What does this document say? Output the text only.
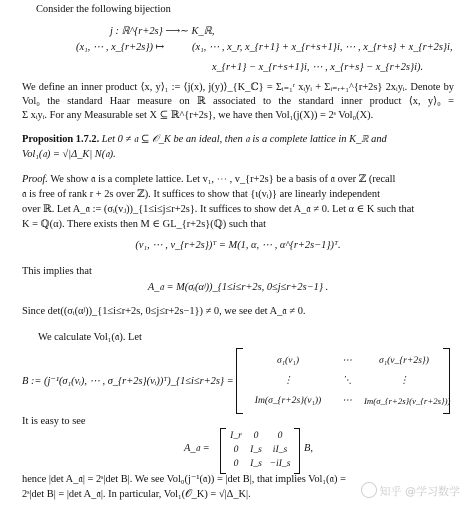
Consider the following bijection
j : ℝ^{r+2s} ⟶∼ K_ℝ,
(x₁, ⋯ , x_{r+2s}) ↦	(x₁, ⋯ , x_r, x_{r+1} + x_{r+s+1}i, ⋯ , x_{r+s} + x_{r+2s}i,
x_{r+1} − x_{r+s+1}i, ⋯ , x_{r+s} − x_{r+2s}i).
We define an inner product ⟨x, y⟩₁ := ⟨j(x), j(y)⟩_{K_ℂ} = Σᵢ₌₁ʳ xᵢyᵢ + Σᵢ₌ᵣ₊₁^{r+2s} 2xᵢyᵢ. Denote by
Vol₀ the standard Haar measure on ℝ associated to the standard inner product ⟨x, y⟩₀ =
Σ xᵢyᵢ. For any Measurable set X ⊆ ℝ^{r+2s}, we have then Vol₁(j(X)) = 2ˢ Vol₀(X).
Proposition 1.7.2. Let 0 ≠ 𝔞 ⊆ 𝒪_K be an ideal, then 𝔞 is a complete lattice in K_ℝ and
Vol₁(𝔞) = √|Δ_K| N(𝔞).
Proof. We show 𝔞 is a complete lattice. Let v₁, ⋯ , v_{r+2s} be a basis of 𝔞 over ℤ (recall
𝔞 is free of rank r + 2s over ℤ). It suffices to show that {ι(vᵢ)} are linearly independent
over ℝ. Let A_𝔞 := (σᵢ(vⱼ))_{1≤i≤j≤r+2s}. It suffices to show det A_𝔞 ≠ 0. Let α ∈ K such that
K = ℚ(α). There exists then M ∈ GL_{r+2s}(ℚ) such that
(v₁, ⋯ , v_{r+2s})ᵀ = M(1, α, ⋯ , α^{r+2s−1})ᵀ.
This implies that
A_𝔞 = M(σᵢ(αʲ))_{1≤i≤r+2s, 0≤j≤r+2s−1} .
Since det((σᵢ(αʲ))_{1≤i≤r+2s, 0≤j≤r+2s−1}) ≠ 0, we see det A_𝔞 ≠ 0.
We calculate Vol₁(𝔞). Let
B := (j⁻¹(σ₁(vᵢ), ⋯ , σ_{r+2s}(vᵢ))ᵀ)_{1≤i≤r+2s} =
σ₁(v₁)	⋯	σ₁(v_{r+2s})
⋮	⋱	⋮
Im(σ_{r+2s}(v₁))	⋯	Im(σ_{r+2s}(v_{r+2s}))
It is easy to see
A_𝔞 =
I_r	0	0
0	I_s	iI_s
0	I_s −iI_s
B,
hence |det A_𝔞| = 2ˢ|det B|. We see Vol₀(j⁻¹(𝔞)) = |det B|, that implies Vol₁(𝔞) =
2ˢ|det B| = |det A_𝔞|. In particular, Vol₁(𝒪_K) = √|Δ_K|.	知乎 @学习数学
